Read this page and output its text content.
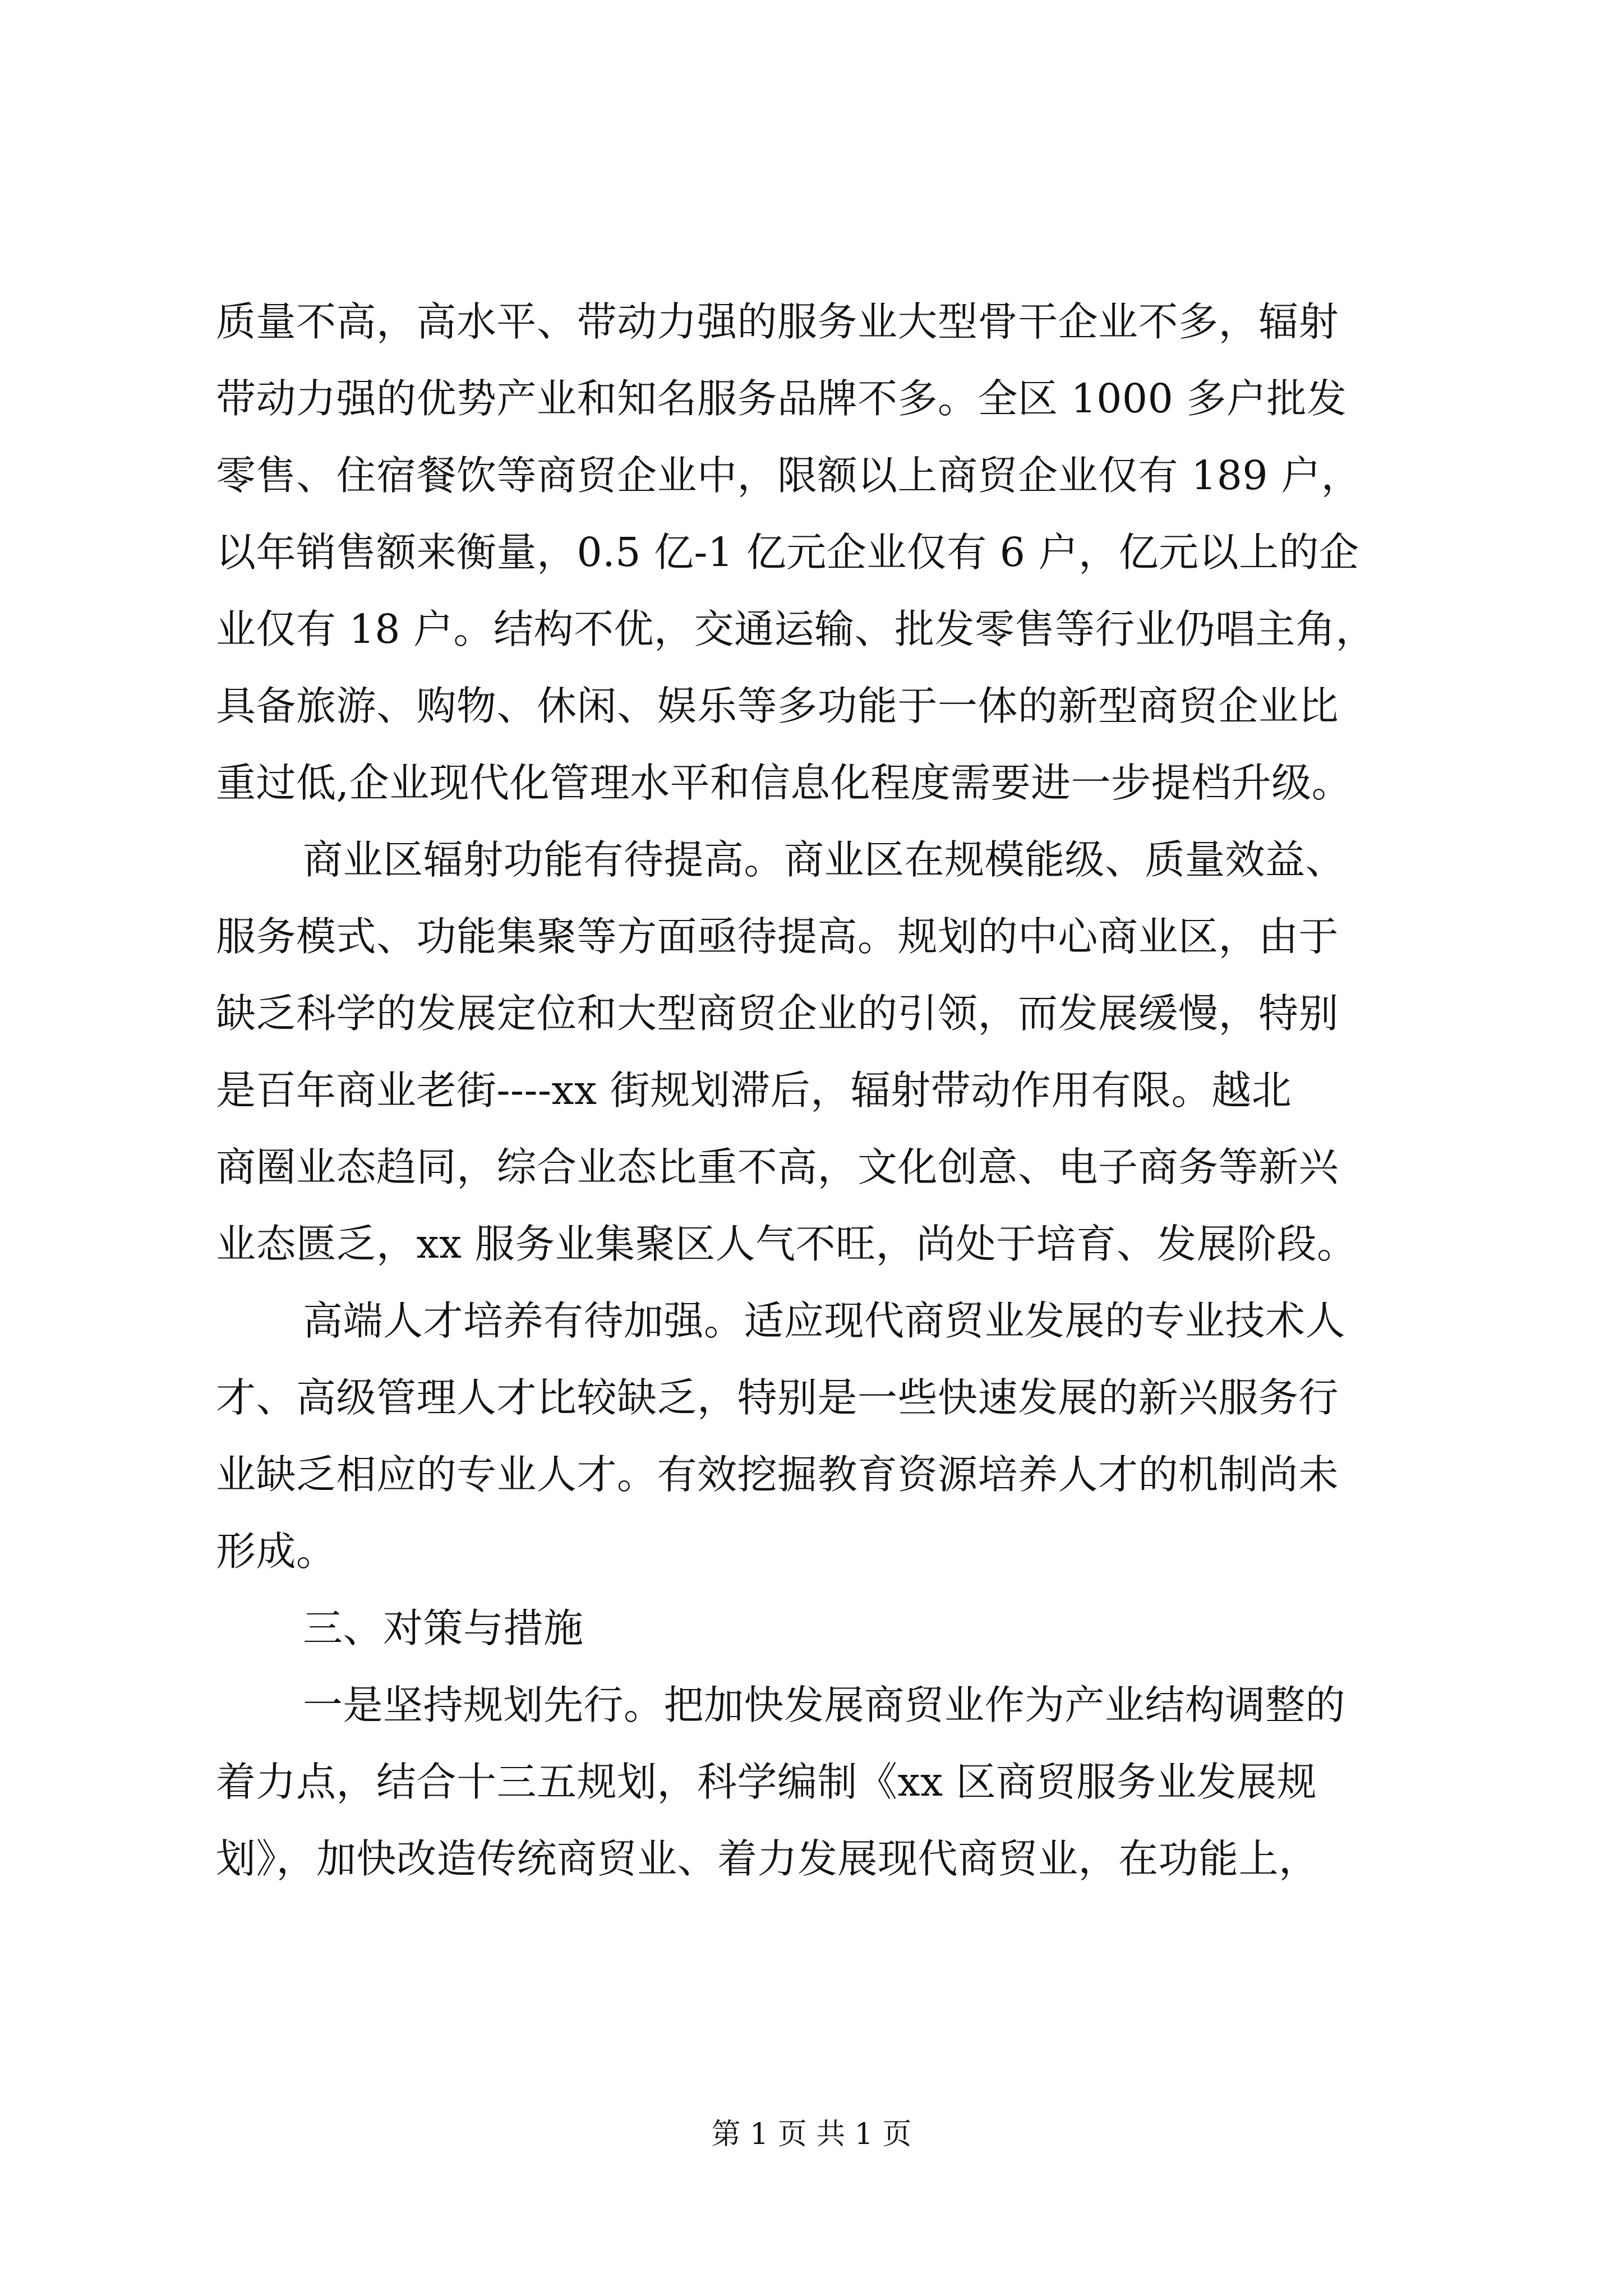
质量不高，高水平、带动力强的服务业大型骨干企业不多，辐射
带动力强的优势产业和知名服务品牌不多。全区 1000 多户批发
零售、住宿餐饮等商贸企业中，限额以上商贸企业仅有 189 户，
以年销售额来衡量，0.5 亿-1 亿元企业仅有 6 户，亿元以上的企
业仅有 18 户。结构不优，交通运输、批发零售等行业仍唱主角，
具备旅游、购物、休闲、娱乐等多功能于一体的新型商贸企业比
重过低,企业现代化管理水平和信息化程度需要进一步提档升级。
商业区辐射功能有待提高。商业区在规模能级、质量效益、
服务模式、功能集聚等方面亟待提高。规划的中心商业区，由于
缺乏科学的发展定位和大型商贸企业的引领，而发展缓慢，特别
是百年商业老街----xx 街规划滞后，辐射带动作用有限。越北
商圈业态趋同，综合业态比重不高，文化创意、电子商务等新兴
业态匮乏，xx 服务业集聚区人气不旺，尚处于培育、发展阶段。
高端人才培养有待加强。适应现代商贸业发展的专业技术人
才、高级管理人才比较缺乏，特别是一些快速发展的新兴服务行
业缺乏相应的专业人才。有效挖掘教育资源培养人才的机制尚未
形成。
三、对策与措施
一是坚持规划先行。把加快发展商贸业作为产业结构调整的
着力点，结合十三五规划，科学编制《xx 区商贸服务业发展规
划》，加快改造传统商贸业、着力发展现代商贸业，在功能上，
第 1 页 共 1 页
